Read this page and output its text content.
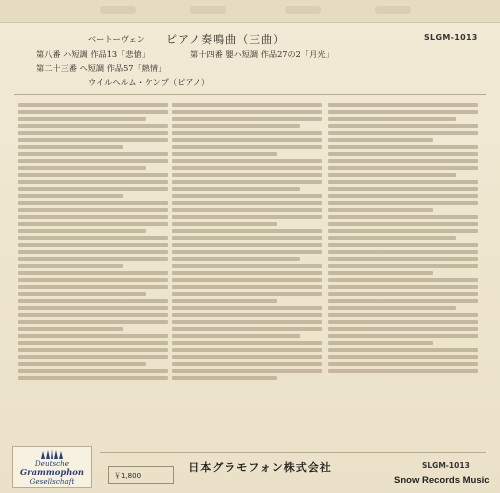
ベートーヴェン ピアノ奏鳴曲（三曲）	SLGM-1013
第八番 ハ短調 作品13「悲愴」	第十四番 嬰ハ短調 作品27の2「月光」
第二十三番 ヘ短調 作品57「熱情」
ウイルヘルム・ケンプ（ピアノ）
Deutsche
Grammophon
Gesellschaft
￥1,800
日本グラモフォン株式会社	SLGM-1013
Snow Records Music
